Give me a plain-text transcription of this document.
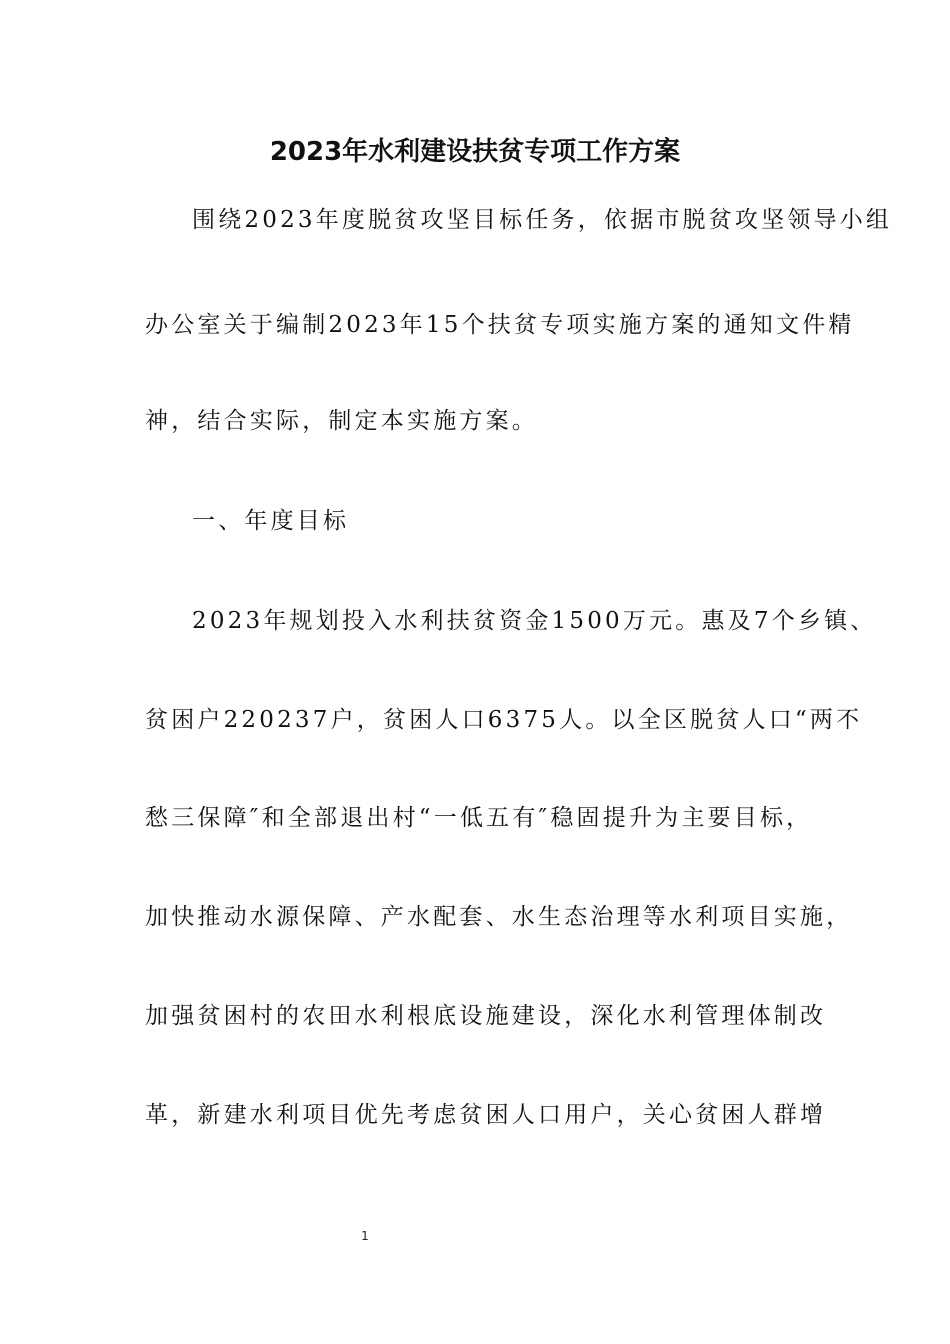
2023年水利建设扶贫专项工作方案
围绕2023年度脱贫攻坚目标任务，依据市脱贫攻坚领导小组
办公室关于编制2023年15个扶贫专项实施方案的通知文件精
神，结合实际，制定本实施方案。
一、年度目标
2023年规划投入水利扶贫资金1500万元。惠及7个乡镇、
贫困户220237户，贫困人口6375人。以全区脱贫人口“两不
愁三保障″和全部退出村“一低五有″稳固提升为主要目标，
加快推动水源保障、产水配套、水生态治理等水利项目实施，
加强贫困村的农田水利根底设施建设，深化水利管理体制改
革，新建水利项目优先考虑贫困人口用户，关心贫困人群增
1
